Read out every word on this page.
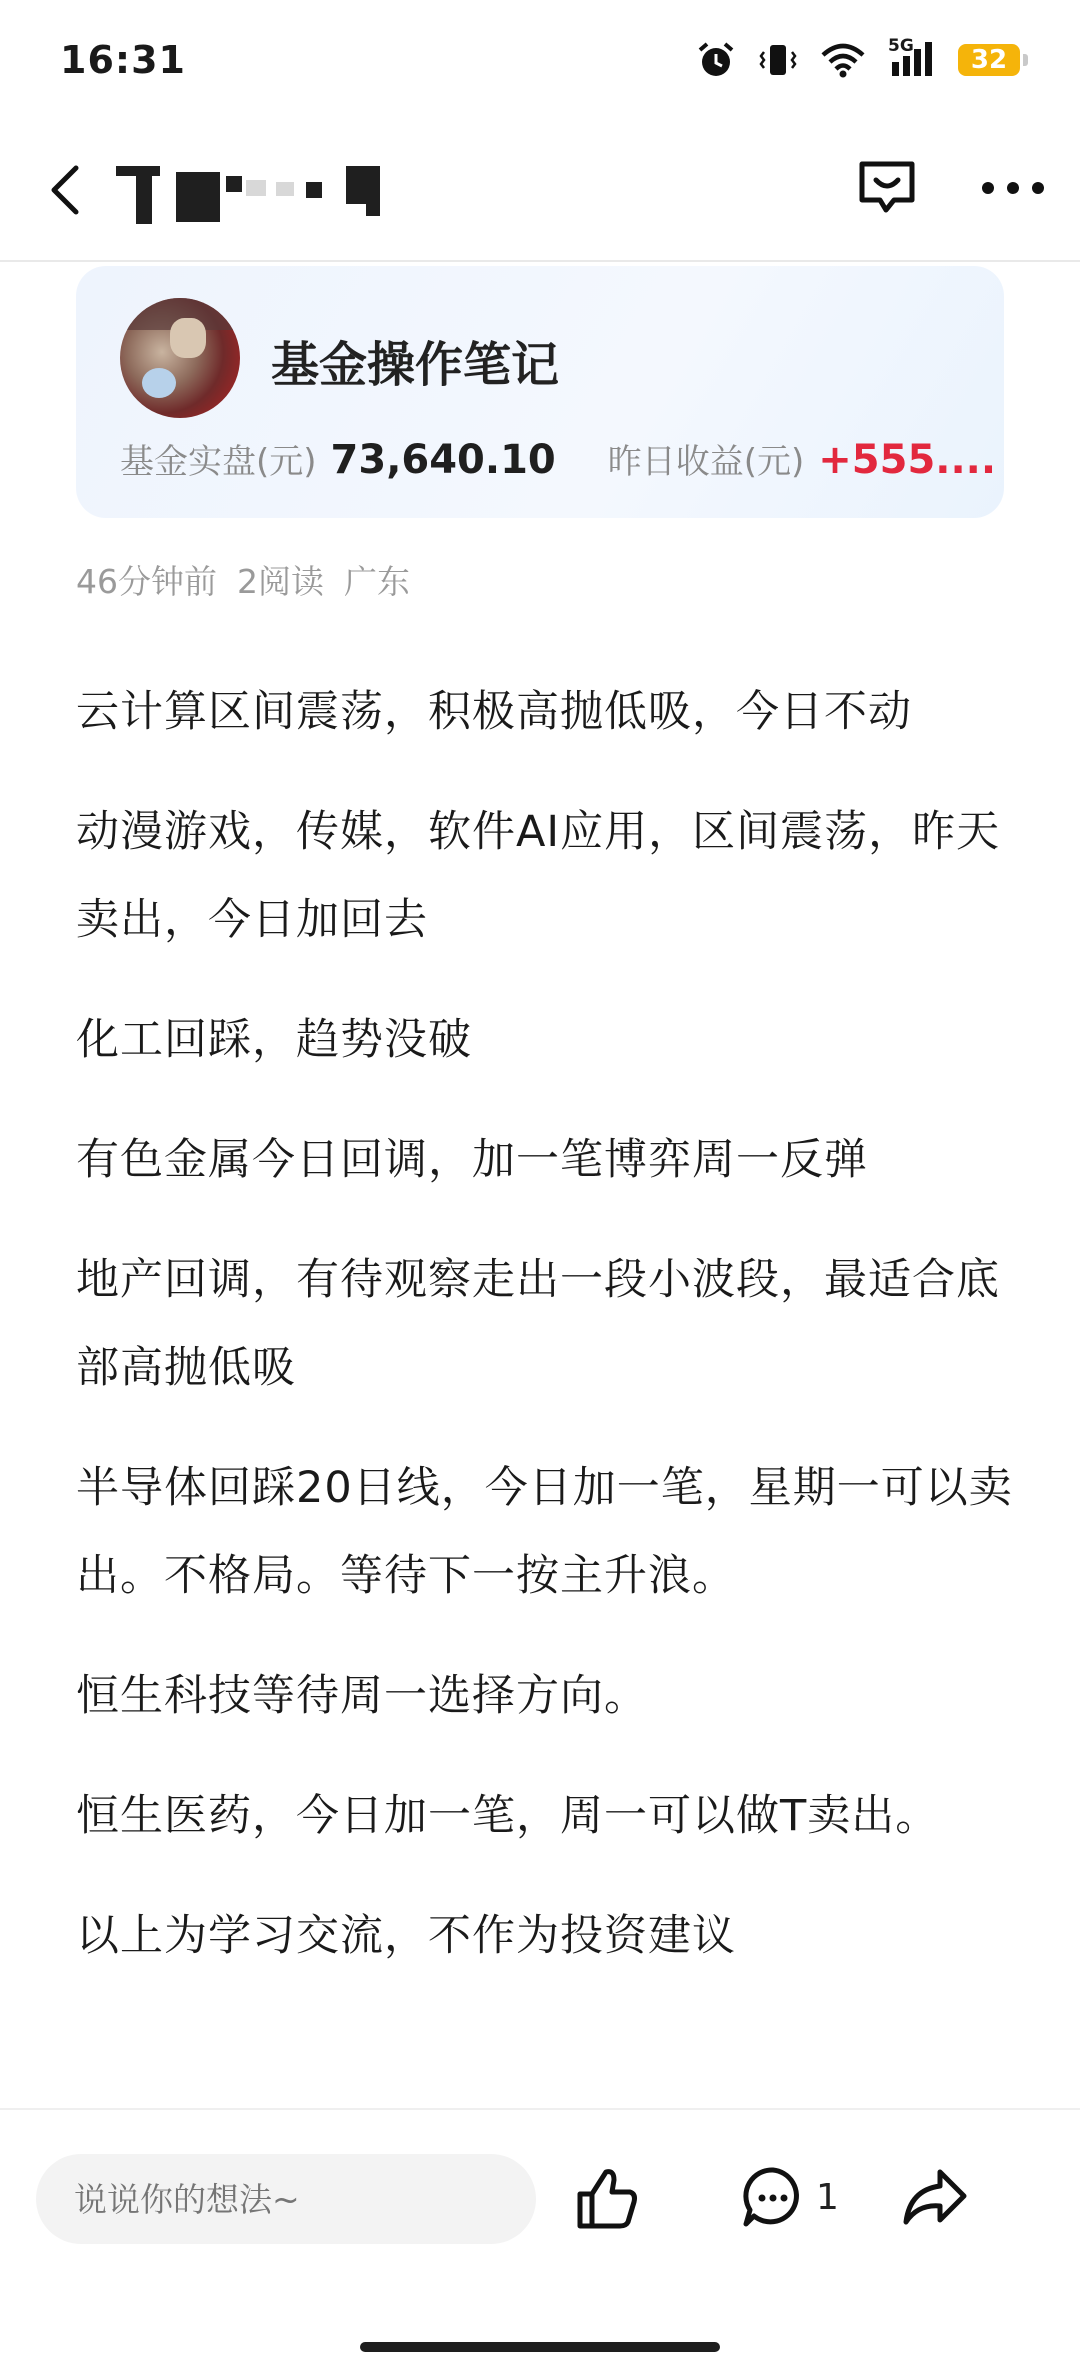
16:31	5G	32
基金操作笔记
基金实盘(元) 73,640.10 昨日收益(元) +555....
46分钟前 2阅读 广东

云计算区间震荡，积极高抛低吸，今日不动

动漫游戏，传媒，软件AI应用，区间震荡，昨天卖出，今日加回去

化工回踩，趋势没破

有色金属今日回调，加一笔博弈周一反弹

地产回调，有待观察走出一段小波段，最适合底部高抛低吸

半导体回踩20日线，今日加一笔，星期一可以卖出。不格局。等待下一按主升浪。

恒生科技等待周一选择方向。

恒生医药，今日加一笔，周一可以做T卖出。

以上为学习交流，不作为投资建议

说说你的想法~
1
